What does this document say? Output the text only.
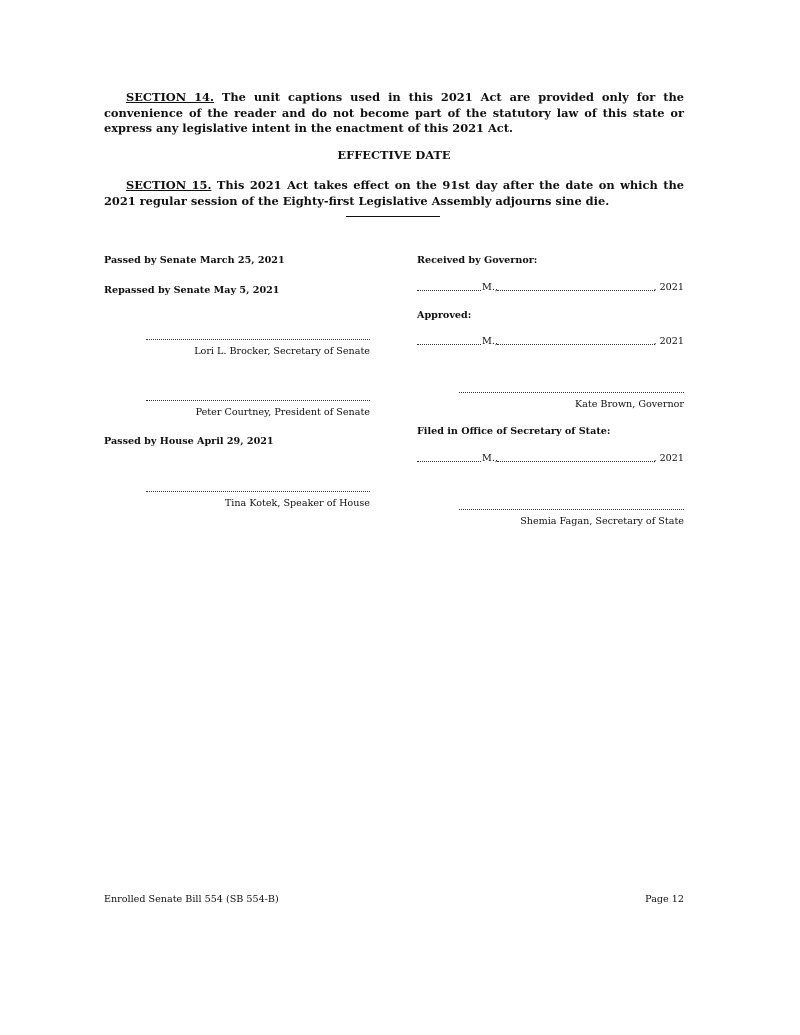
SECTION 14. The unit captions used in this 2021 Act are provided only for the convenience of the reader and do not become part of the statutory law of this state or express any legislative intent in the enactment of this 2021 Act.

EFFECTIVE DATE

SECTION 15. This 2021 Act takes effect on the 91st day after the date on which the 2021 regular session of the Eighty-first Legislative Assembly adjourns sine die.

Passed by Senate March 25, 2021
Repassed by Senate May 5, 2021
Lori L. Brocker, Secretary of Senate
Peter Courtney, President of Senate
Passed by House April 29, 2021
Tina Kotek, Speaker of House
Received by Governor:
M.,	, 2021
Approved:
M.,	, 2021
Kate Brown, Governor
Filed in Office of Secretary of State:
M.,	, 2021
Shemia Fagan, Secretary of State
Enrolled Senate Bill 554 (SB 554-B)	Page 12
